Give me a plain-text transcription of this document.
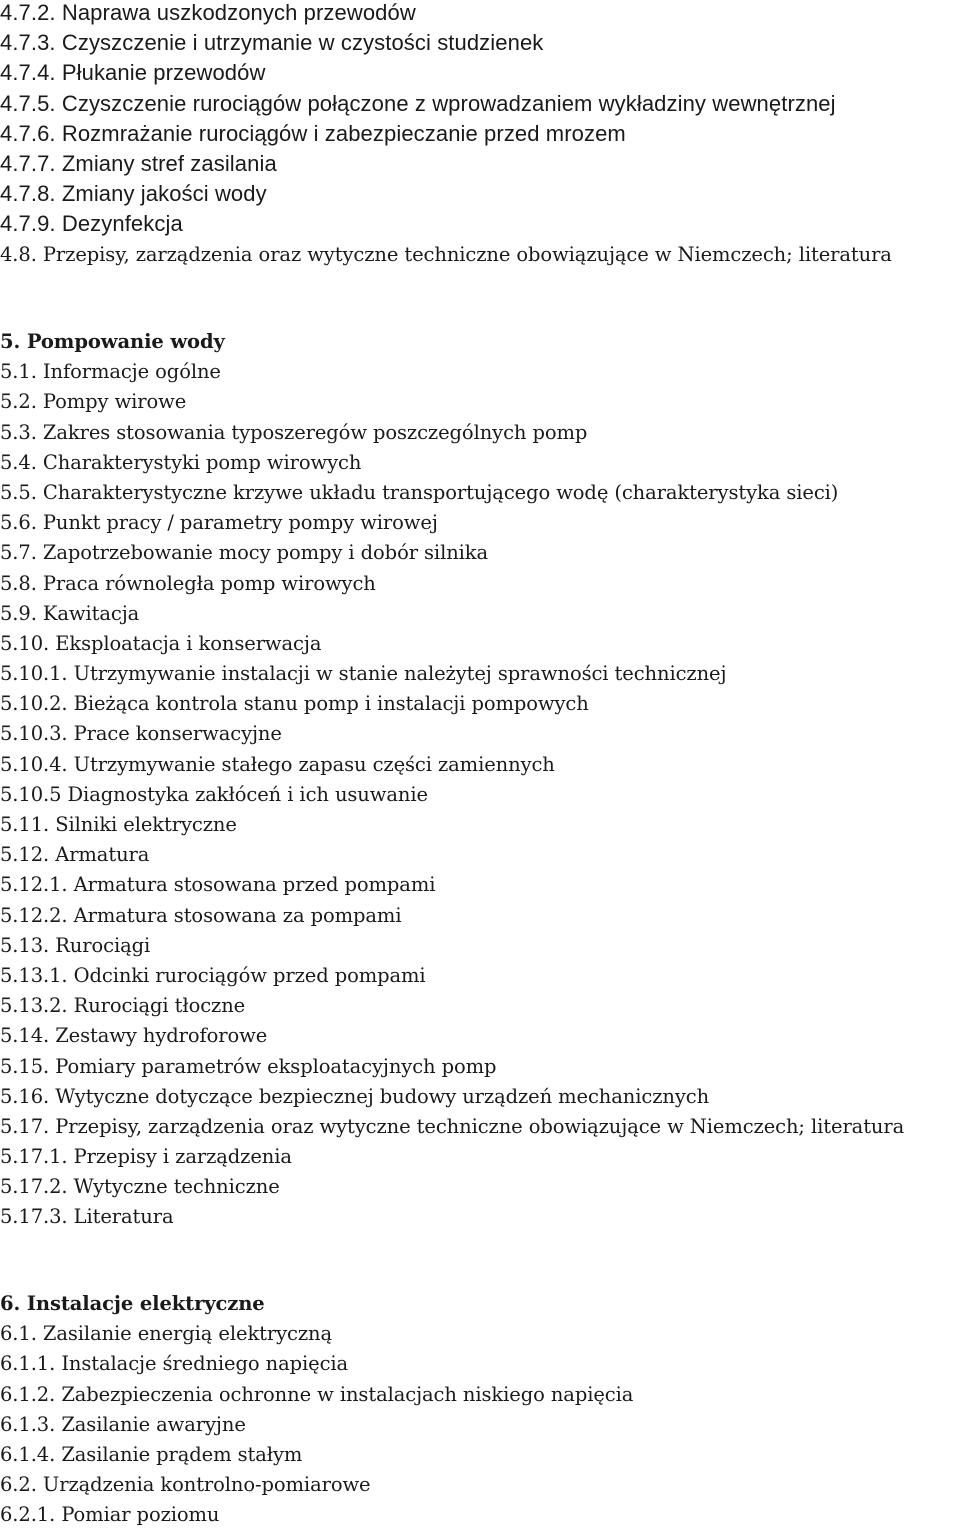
4.7.2. Naprawa uszkodzonych przewodów
4.7.3. Czyszczenie i utrzymanie w czystości studzienek
4.7.4. Płukanie przewodów
4.7.5. Czyszczenie rurociągów połączone z wprowadzaniem wykładziny wewnętrznej
4.7.6. Rozmrażanie rurociągów i zabezpieczanie przed mrozem
4.7.7. Zmiany stref zasilania
4.7.8. Zmiany jakości wody
4.7.9. Dezynfekcja
4.8. Przepisy, zarządzenia oraz wytyczne techniczne obowiązujące w Niemczech; literatura
5. Pompowanie wody
5.1. Informacje ogólne
5.2. Pompy wirowe
5.3. Zakres stosowania typoszeregów poszczególnych pomp
5.4. Charakterystyki pomp wirowych
5.5. Charakterystyczne krzywe układu transportującego wodę (charakterystyka sieci)
5.6. Punkt pracy / parametry pompy wirowej
5.7. Zapotrzebowanie mocy pompy i dobór silnika
5.8. Praca równoległa pomp wirowych
5.9. Kawitacja
5.10. Eksploatacja i konserwacja
5.10.1. Utrzymywanie instalacji w stanie należytej sprawności technicznej
5.10.2. Bieżąca kontrola stanu pomp i instalacji pompowych
5.10.3. Prace konserwacyjne
5.10.4. Utrzymywanie stałego zapasu części zamiennych
5.10.5 Diagnostyka zakłóceń i ich usuwanie
5.11. Silniki elektryczne
5.12. Armatura
5.12.1. Armatura stosowana przed pompami
5.12.2. Armatura stosowana za pompami
5.13. Rurociągi
5.13.1. Odcinki rurociągów przed pompami
5.13.2. Rurociągi tłoczne
5.14. Zestawy hydroforowe
5.15. Pomiary parametrów eksploatacyjnych pomp
5.16. Wytyczne dotyczące bezpiecznej budowy urządzeń mechanicznych
5.17. Przepisy, zarządzenia oraz wytyczne techniczne obowiązujące w Niemczech; literatura
5.17.1. Przepisy i zarządzenia
5.17.2. Wytyczne techniczne
5.17.3. Literatura
6. Instalacje elektryczne
6.1. Zasilanie energią elektryczną
6.1.1. Instalacje średniego napięcia
6.1.2. Zabezpieczenia ochronne w instalacjach niskiego napięcia
6.1.3. Zasilanie awaryjne
6.1.4. Zasilanie prądem stałym
6.2. Urządzenia kontrolno-pomiarowe
6.2.1. Pomiar poziomu
